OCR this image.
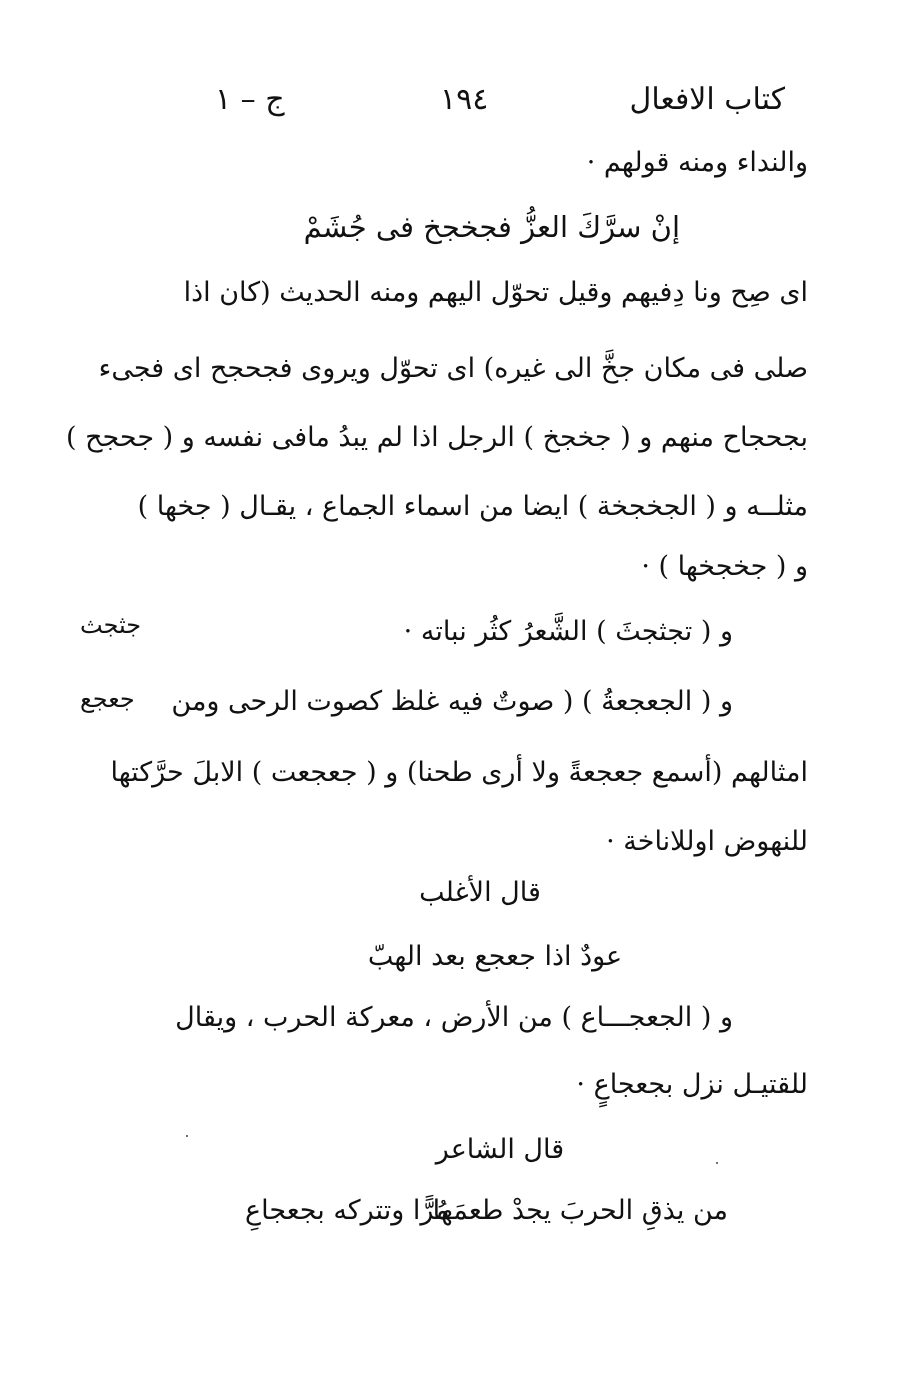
كتاب الافعال
١٩٤
ج – ١
والنداء ومنه قولهم ·
إنْ سرَّكَ العزُّ فجخجخ فى جُشَمْ
اى صِح ونا دِفيهم وقيل تحوّل اليهم ومنه الحديث (كان اذا
صلى فى مكان جخَّ الى غيره) اى تحوّل ويروى فجحجح اى فجىء
بجحجاح منهم و ( جخجخ ) الرجل اذا لم يبدُ مافى نفسه و ( جحجح )
مثلــه و ( الجخجخة ) ايضا من اسماء الجماع ، يقـال ( جخها )
و ( جخجخها ) ·
و ( تجثجثَ ) الشَّعرُ كثُر نباته ·
جثجث
و ( الجعجعةُ ) ( صوتٌ فيه غلظ كصوت الرحى ومن
جعجع
امثالهم (أسمع جعجعةً ولا أرى طحنا) و ( جعجعت ) الابلَ حرَّكتها
للنهوض اوللاناخة ·
قال الأغلب
عودٌ اذا جعجع بعد الهبّ
و ( الجعجـــاع ) من الأرض ، معركة الحرب ، ويقال
للقتيـل نزل بجعجاعٍ ·
قال الشاعر
من يذقِ الحربَ يجدْ طعمَها
مُرًّا وتتركه بجعجاعِ
